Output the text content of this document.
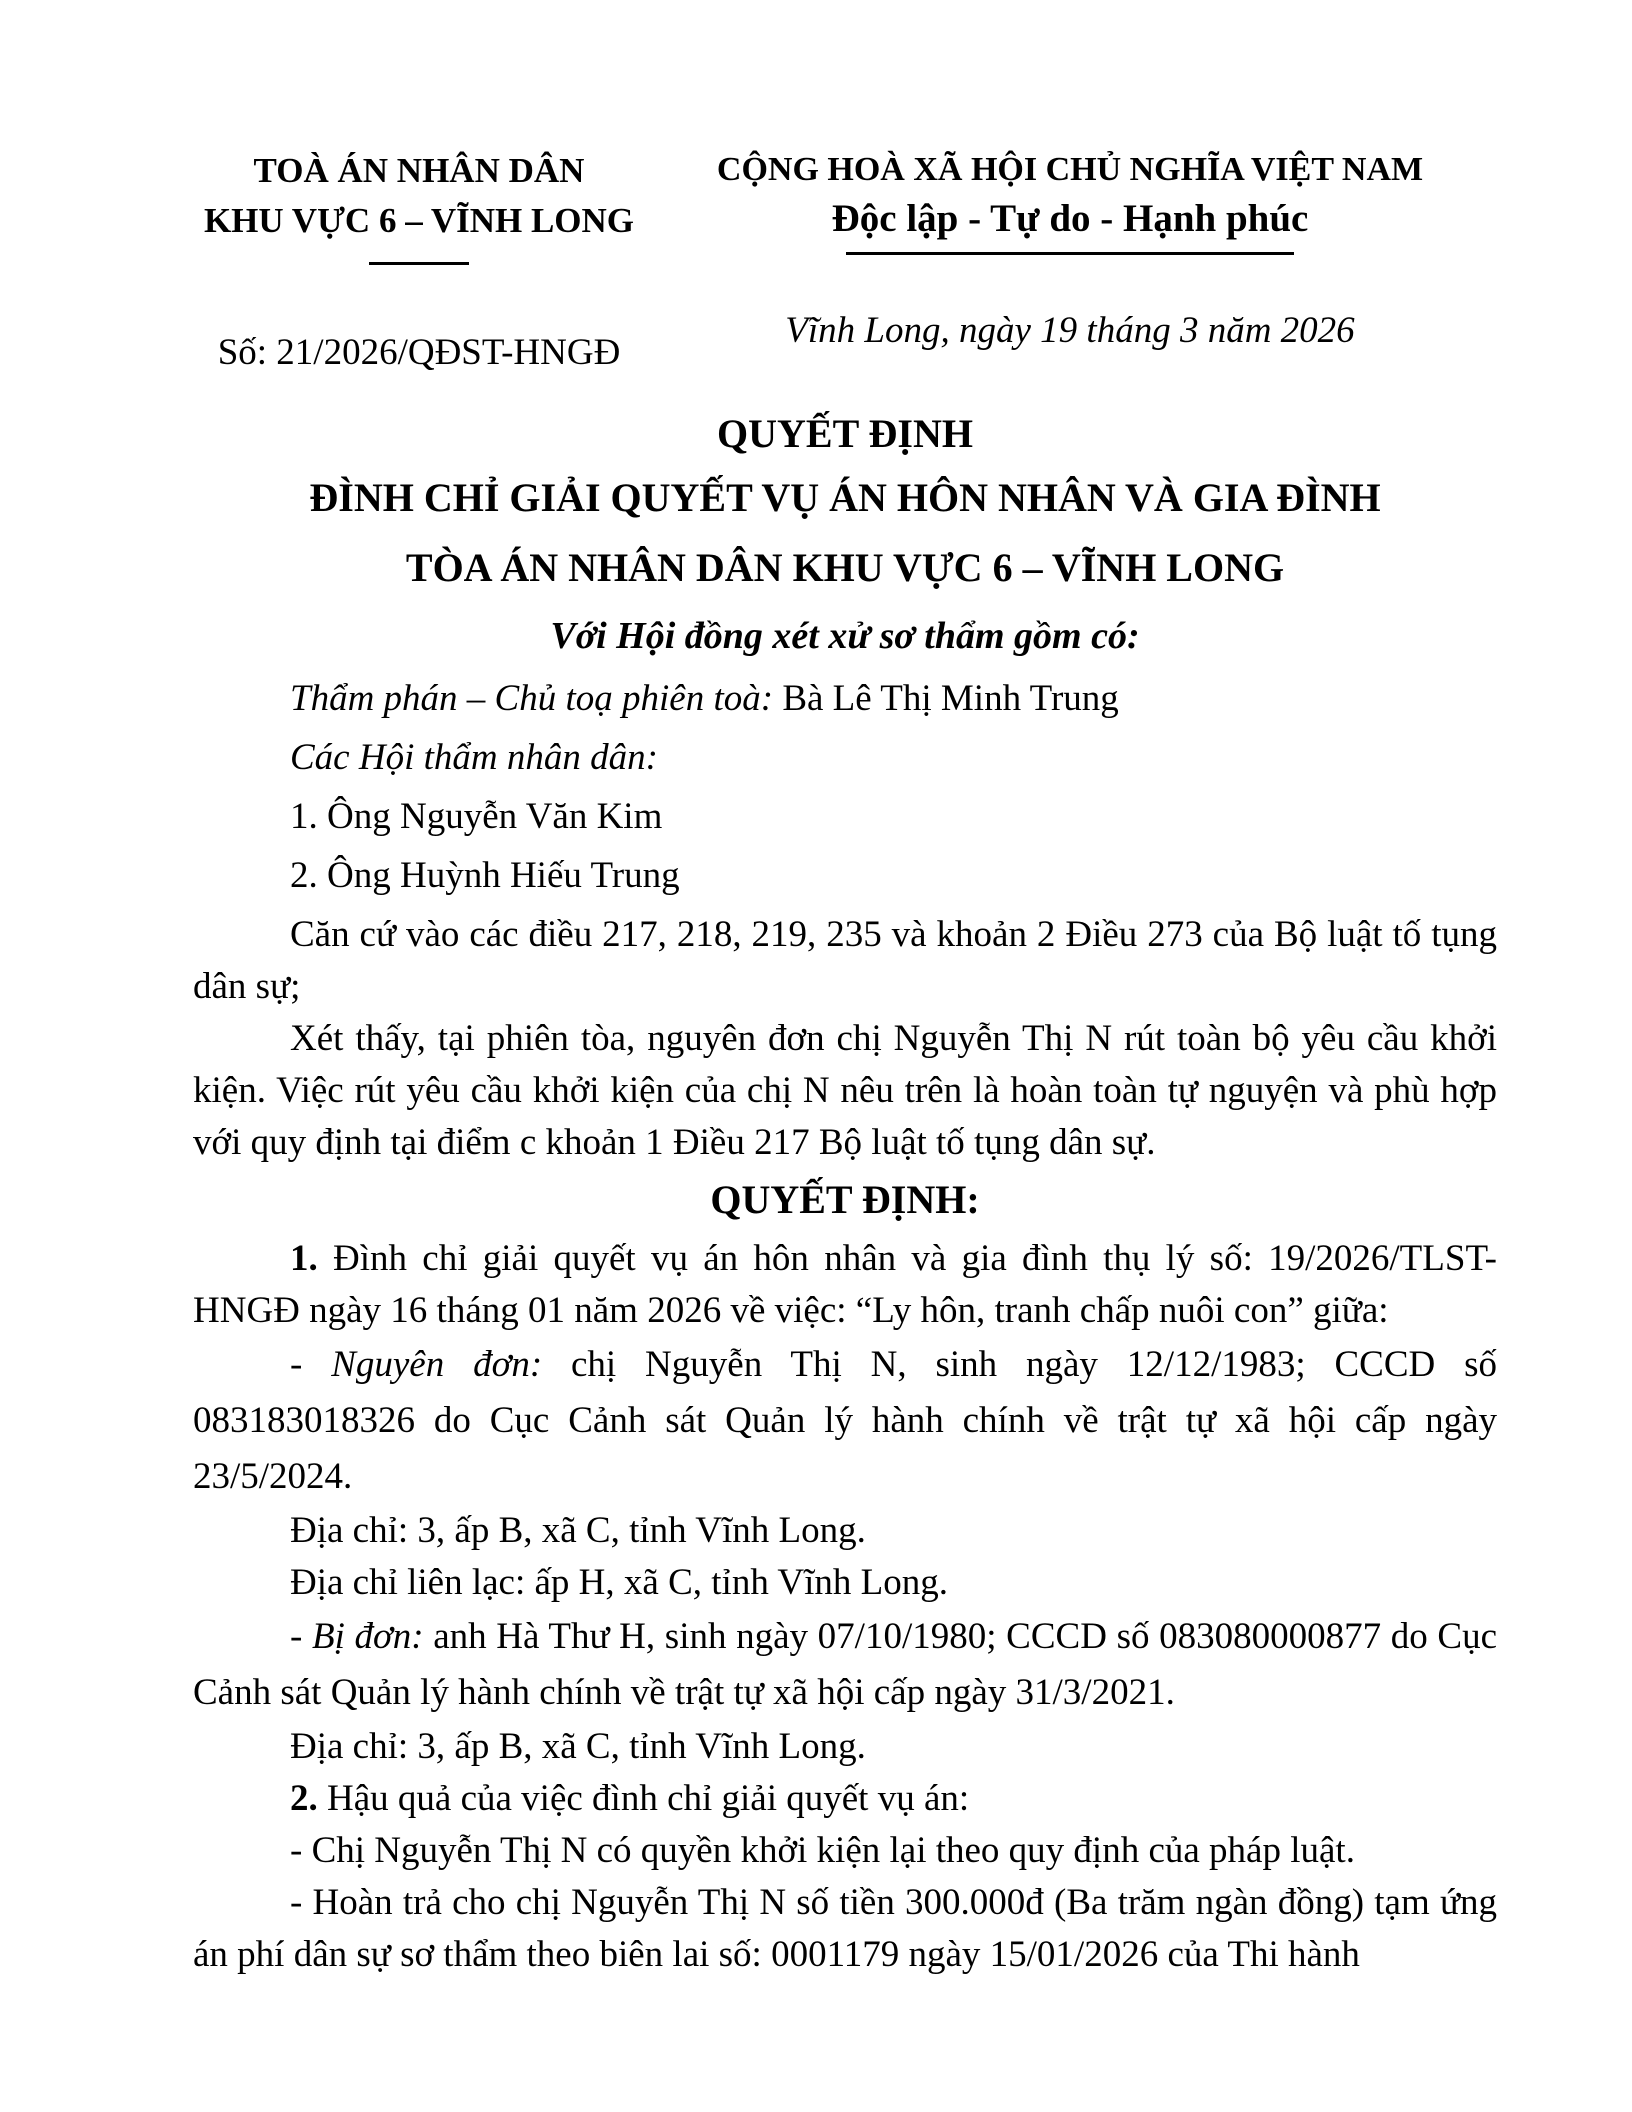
TOÀ ÁN NHÂN DÂN
KHU VỰC 6 – VĨNH LONG
Số: 21/2026/QĐST-HNGĐ
CỘNG HOÀ XÃ HỘI CHỦ NGHĨA VIỆT NAM
Độc lập - Tự do - Hạnh phúc
Vĩnh Long, ngày 19 tháng 3 năm 2026
QUYẾT ĐỊNH
ĐÌNH CHỈ GIẢI QUYẾT VỤ ÁN HÔN NHÂN VÀ GIA ĐÌNH
TÒA ÁN NHÂN DÂN KHU VỰC 6 – VĨNH LONG
Với Hội đồng xét xử sơ thẩm gồm có:

Thẩm phán – Chủ toạ phiên toà: Bà Lê Thị Minh Trung

Các Hội thẩm nhân dân:

1. Ông Nguyễn Văn Kim

2. Ông Huỳnh Hiếu Trung

Căn cứ vào các điều 217, 218, 219, 235 và khoản 2 Điều 273 của Bộ luật tố tụng dân sự;

Xét thấy, tại phiên tòa, nguyên đơn chị Nguyễn Thị N rút toàn bộ yêu cầu khởi kiện. Việc rút yêu cầu khởi kiện của chị N nêu trên là hoàn toàn tự nguyện và phù hợp với quy định tại điểm c khoản 1 Điều 217 Bộ luật tố tụng dân sự.

QUYẾT ĐỊNH:

1. Đình chỉ giải quyết vụ án hôn nhân và gia đình thụ lý số: 19/2026/TLST-HNGĐ ngày 16 tháng 01 năm 2026 về việc: “Ly hôn, tranh chấp nuôi con” giữa:

- Nguyên đơn: chị Nguyễn Thị N, sinh ngày 12/12/1983; CCCD số 083183018326 do Cục Cảnh sát Quản lý hành chính về trật tự xã hội cấp ngày 23/5/2024.

Địa chỉ: 3, ấp B, xã C, tỉnh Vĩnh Long.

Địa chỉ liên lạc: ấp H, xã C, tỉnh Vĩnh Long.

- Bị đơn: anh Hà Thư H, sinh ngày 07/10/1980; CCCD số 083080000877 do Cục Cảnh sát Quản lý hành chính về trật tự xã hội cấp ngày 31/3/2021.

Địa chỉ: 3, ấp B, xã C, tỉnh Vĩnh Long.

2. Hậu quả của việc đình chỉ giải quyết vụ án:

- Chị Nguyễn Thị N có quyền khởi kiện lại theo quy định của pháp luật.

- Hoàn trả cho chị Nguyễn Thị N số tiền 300.000đ (Ba trăm ngàn đồng) tạm ứng án phí dân sự sơ thẩm theo biên lai số: 0001179 ngày 15/01/2026 của Thi hành
